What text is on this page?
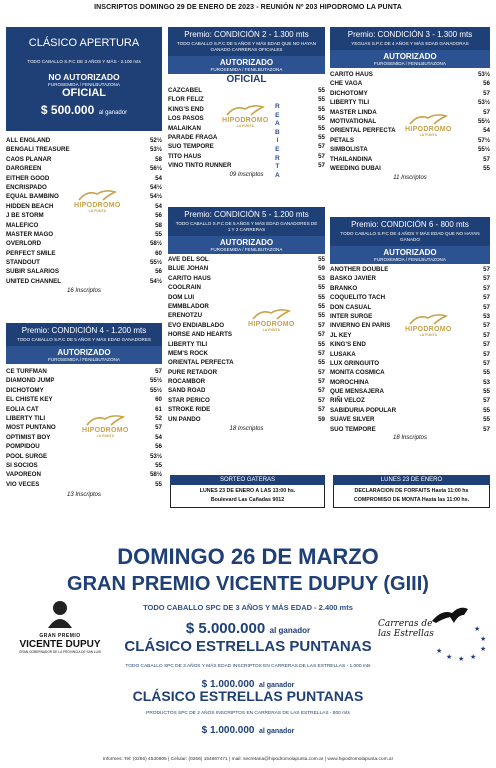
INSCRIPTOS DOMINGO 29 DE ENERO DE 2023 - REUNIÓN Nº 203 HIPODROMO LA PUNTA
CLÁSICO APERTURA
TODO CABALLO S.P.C DE 3 AÑOS Y MÁS - 2.100 mts
NO AUTORIZADO
FUROSEMIDA / FENILBUTAZONA
OFICIAL
$ 500.000 al ganador
ALL ENGLAND	52½
BENGALI TREASURE	53½
CAOS PLANAR	58
DARGREEN	56½
EITHER GOOD	54
ENCRISPADO	54½
EQUAL BAMBINO	54½
HIDDEN BEACH	54
J BE STORM	56
MALEFICO	58
MASTER MAGO	55
OVERLORD	58½
PERFECT SMILE	60
STANDOUT	55½
SUBIR SALARIOS	56
UNITED CHANNEL	54½
16 Inscriptos
HIPODROMO
LA PUNTA
Premio: CONDICIÓN 4 - 1.200 mts
TODO CABALLO S.P.C DE 5 AÑOS Y MÁS EDAD GANADORES
AUTORIZADO
FUROSEMIDA / FENILBUTAZONA
CE TURFMAN	57
DIAMOND JUMP	55½
DICHOTOMY	55½
EL CHISTE KEY	60
EOLIA CAT	61
LIBERTY TILI	52
MOST PUNTANO	57
OPTIMIST BOY	54
POMPIDOU	56
POOL SURGE	53½
SI SOCIOS	55
VAPOREON	58½
VIO VECES	55
13 Inscriptos
HIPODROMO
LA PUNTA
Premio: CONDICIÓN 2 - 1.300 mts
TODO CABALLO S.P.C DE 5 AÑOS Y MÁS EDAD QUE NO HAYAN GANADO CARRERAS OFICIALES
AUTORIZADO
FUROSEMIDA / FENILBUTAZONA
OFICIAL
CAZCABEL	55
FLOR FELIZ	55
KING'S END	55
LOS PASOS	55
MALAIKAN	55
PARADE FRAGA	55
SUO TEMPORE	57
TITO HAUS	57
VINO TINTO RUNNER	57
09 Inscriptos
R
E
A
B
I
E
R
T
A
HIPODROMO
LA PUNTA
Premio: CONDICIÓN 5 - 1.200 mts
TODO CABALLO S.P.C DE 5 AÑOS Y MÁS EDAD GANADORES DE 1 Y 2 CARRERAS
AUTORIZADO
FUROSEMIDA / FENILBUTAZONA
AVE DEL SOL	55
BLUE JOHAN	59
CARITO HAUS	53
COOLRAIN	55
DOM LUI	55
EMMBLADOR	55
ERENOTZU	55
EVO ENDIABLADO	57
HORSE AND HEARTS	57
LIBERTY TILI	55
MEM'S ROCK	57
ORIENTAL PERFECTA	55
PURE RETADOR	57
ROCAMBOR	57
SAND ROAD	57
STAR PERICO	57
STROKE RIDE	57
UN PANDO	59
18 Inscriptos
HIPODROMO
LA PUNTA
Premio: CONDICIÓN 3 - 1.300 mts
YEGUAS S.P.C DE 4 AÑOS Y MÁS EDAD GANADORAS
AUTORIZADO
FUROSEMIDA / FENILBUTAZONA
CARITO HAUS	53½
CHE VAGA	56
DICHOTOMY	57
LIBERTY TILI	53½
MASTER LINDA	57
MOTIVATIONAL	55½
ORIENTAL PERFECTA	54
PETALS	57½
SIMBOLISTA	55½
THAILANDINA	57
WEEDING DUBAI	55
11 Inscriptos
HIPODROMO
LA PUNTA
Premio: CONDICIÓN 6 - 800 mts
TODO CABALLO S.P.C DE 4 AÑOS Y MÁS EDAD QUE NO HAYAN GANADO
AUTORIZADO
FUROSEMIDA / FENILBUTAZONA
ANOTHER DOUBLE	57
BASKO JAVIER	57
BRANKO	57
COQUELITO TACH	57
DON CASUAL	57
INTER SURGE	53
INVIERNO EN PARIS	57
JL KEY	57
KING'S END	57
LUSAKA	57
LUX GRINGUITO	57
MONITA COSMICA	55
MOROCHINA	53
QUE MENSAJERA	55
RIÑI VELOZ	57
SABIDURIA POPULAR	55
SUAVE SILVER	55
SUO TEMPORE	57
18 Inscriptos
HIPODROMO
LA PUNTA
SORTEO GATERAS
LUNES 23 DE ENERO A LAS 13:00 hs.
Boulevard Las Cañadas 9012
LUNES 23 DE ENERO
DECLARACION DE FORFAITS Hasta 11:00 hs
COMPROMISO DE MONTA Hasta las 11:00 hs.
DOMINGO 26 DE MARZO
GRAN PREMIO VICENTE DUPUY (GIII)
TODO CABALLO SPC DE 3 AÑOS Y MÁS EDAD - 2.400 mts
$ 5.000.000 al ganador
CLÁSICO ESTRELLAS PUNTANAS
TODO CABALLO SPC DE 3 AÑOS Y MÁS EDAD INSCRIPTOS EN CARRERAS DE LAS ESTRELLAS - 1.000 mts
$ 1.000.000 al ganador
CLÁSICO ESTRELLAS PUNTANAS
PRODUCTOS SPC DE 2 AÑOS INSCRIPTOS EN CARRERAS DE LAS ESTRELLAS - 800 mts
$ 1.000.000 al ganador
GRAN PREMIO
VICENTE DUPUY
GRAN GOBERNADOR DE LA PROVINCIA DE SAN LUIS
Carreras de las Estrellas	★
★
★
★
★
★
★
Informes: Tel: (0266) 4530805 | Celular: (0266) 154867471 | mail: secretaria@hipodromolapunta.com.ar | www.hipodromolapunta.com.ar
